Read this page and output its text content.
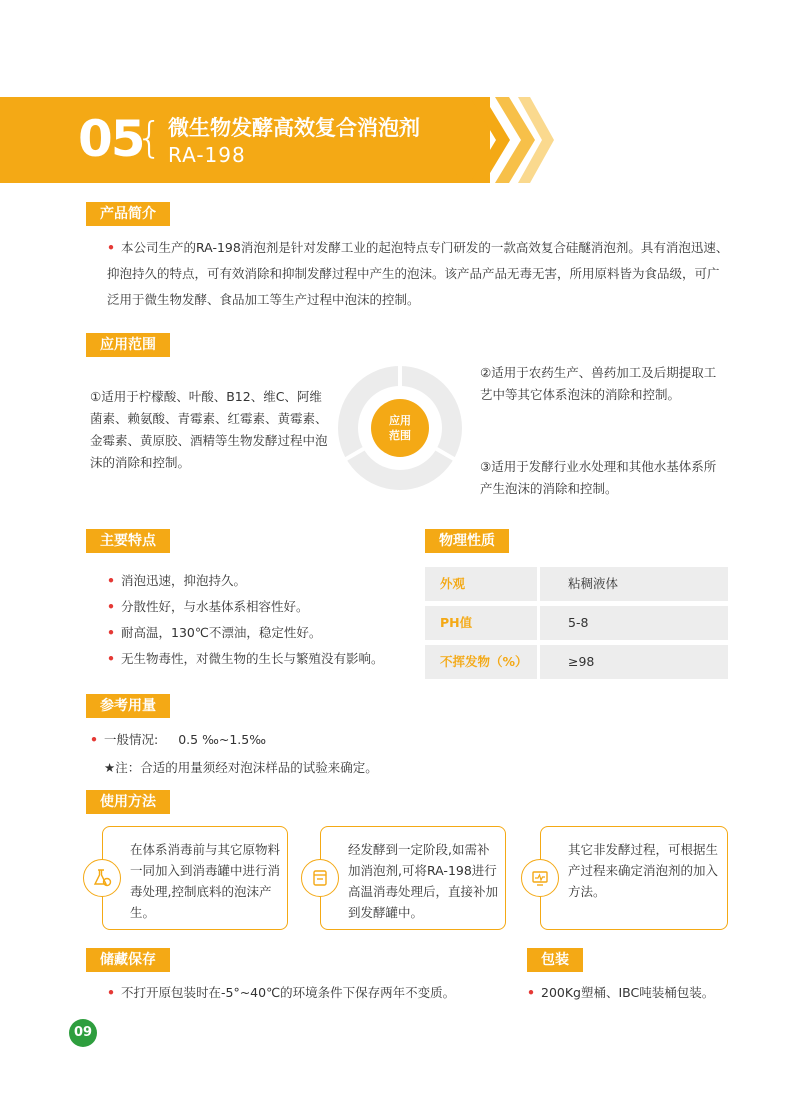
05
{ 微生物发酵高效复合消泡剂
RA-198
产品简介
• 本公司生产的RA-198消泡剂是针对发酵工业的起泡特点专门研发的一款高效复合硅醚消泡剂。具有消泡迅速、抑泡持久的特点，可有效消除和抑制发酵过程中产生的泡沫。该产品产品无毒无害，所用原料皆为食品级，可广泛用于微生物发酵、食品加工等生产过程中泡沫的控制。
应用范围
①适用于柠檬酸、叶酸、B12、维C、阿维菌素、赖氨酸、青霉素、红霉素、黄霉素、金霉素、黄原胶、酒精等生物发酵过程中泡沫的消除和控制。
②适用于农药生产、兽药加工及后期提取工艺中等其它体系泡沫的消除和控制。
③适用于发酵行业水处理和其他水基体系所产生泡沫的消除和控制。
应用
范围
主要特点
• 消泡迅速，抑泡持久。
• 分散性好，与水基体系相容性好。
• 耐高温，130℃不漂油，稳定性好。
• 无生物毒性，对微生物的生长与繁殖没有影响。
物理性质
外观	粘稠液体
PH值	5-8
不挥发物（%）	≥98
参考用量
• 一般情况: 0.5 ‰~1.5‰
★注：合适的用量须经对泡沫样品的试验来确定。
使用方法
在体系消毒前与其它原物料一同加入到消毒罐中进行消毒处理,控制底料的泡沫产生。
经发酵到一定阶段,如需补加消泡剂,可将RA-198进行高温消毒处理后，直接补加到发酵罐中。
其它非发酵过程，可根据生产过程来确定消泡剂的加入方法。
储藏保存
• 不打开原包装时在-5°~40℃的环境条件下保存两年不变质。
包装
• 200Kg塑桶、IBC吨装桶包装。
09
